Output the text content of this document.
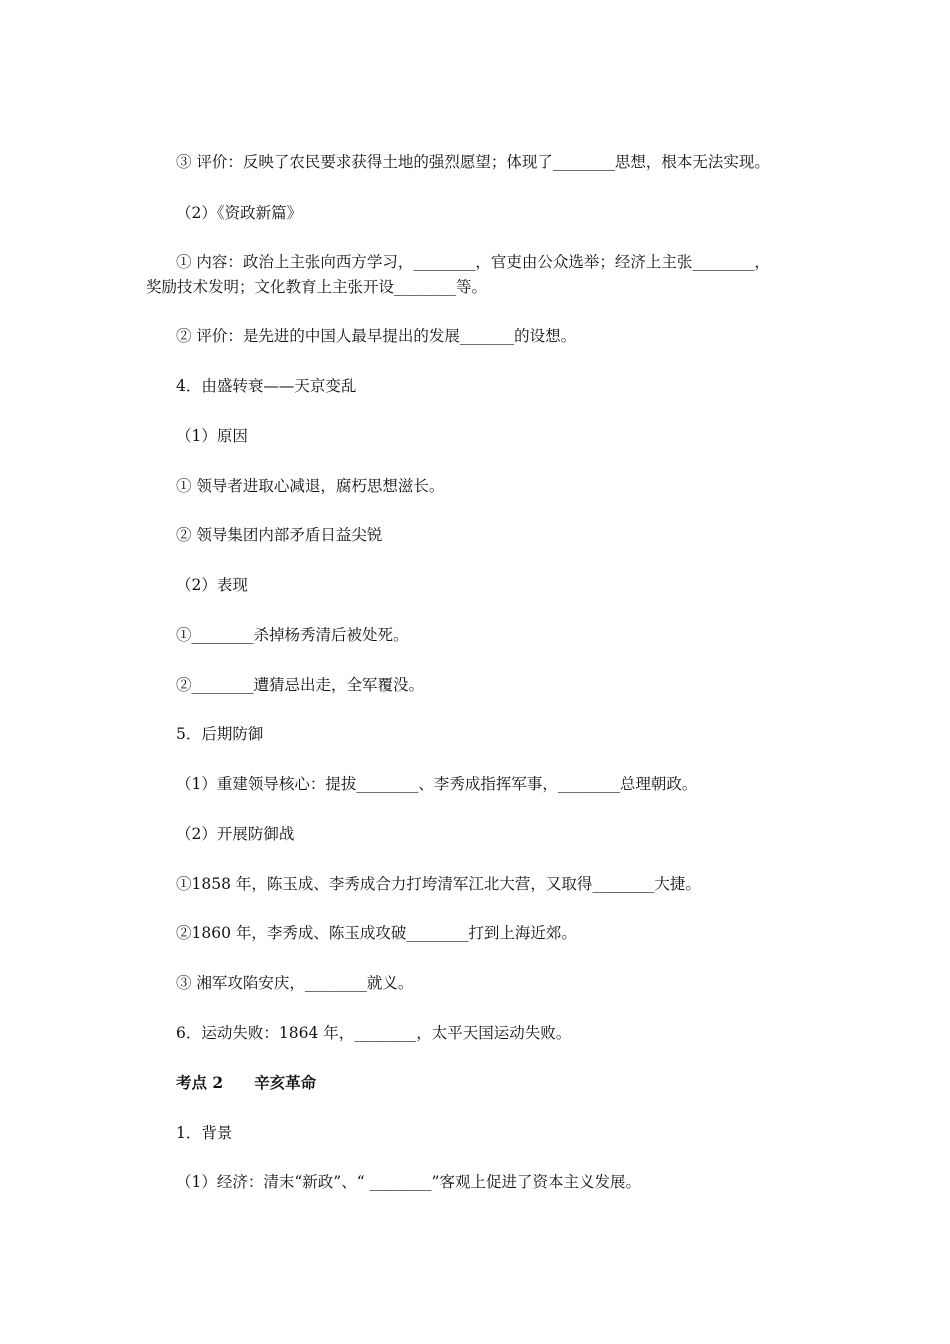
③ 评价：反映了农民要求获得土地的强烈愿望；体现了________思想，根本无法实现。
（2）《资政新篇》
① 内容：政治上主张向西方学习，________，官吏由公众选举；经济上主张________，
奖励技术发明；文化教育上主张开设________等。
② 评价：是先进的中国人最早提出的发展_______的设想。
4．由盛转衰——天京变乱
（1）原因
① 领导者进取心减退，腐朽思想滋长。
② 领导集团内部矛盾日益尖锐
（2）表现
①________杀掉杨秀清后被处死。
②________遭猜忌出走，全军覆没。
5．后期防御
（1）重建领导核心：提拔________、李秀成指挥军事，________总理朝政。
（2）开展防御战
①1858 年，陈玉成、李秀成合力打垮清军江北大营，又取得________大捷。
②1860 年，李秀成、陈玉成攻破________打到上海近郊。
③ 湘军攻陷安庆，________就义。
6．运动失败：1864 年，________，太平天国运动失败。
考点 2　　辛亥革命
1．背景
（1）经济：清末“新政”、“ ________”客观上促进了资本主义发展。
